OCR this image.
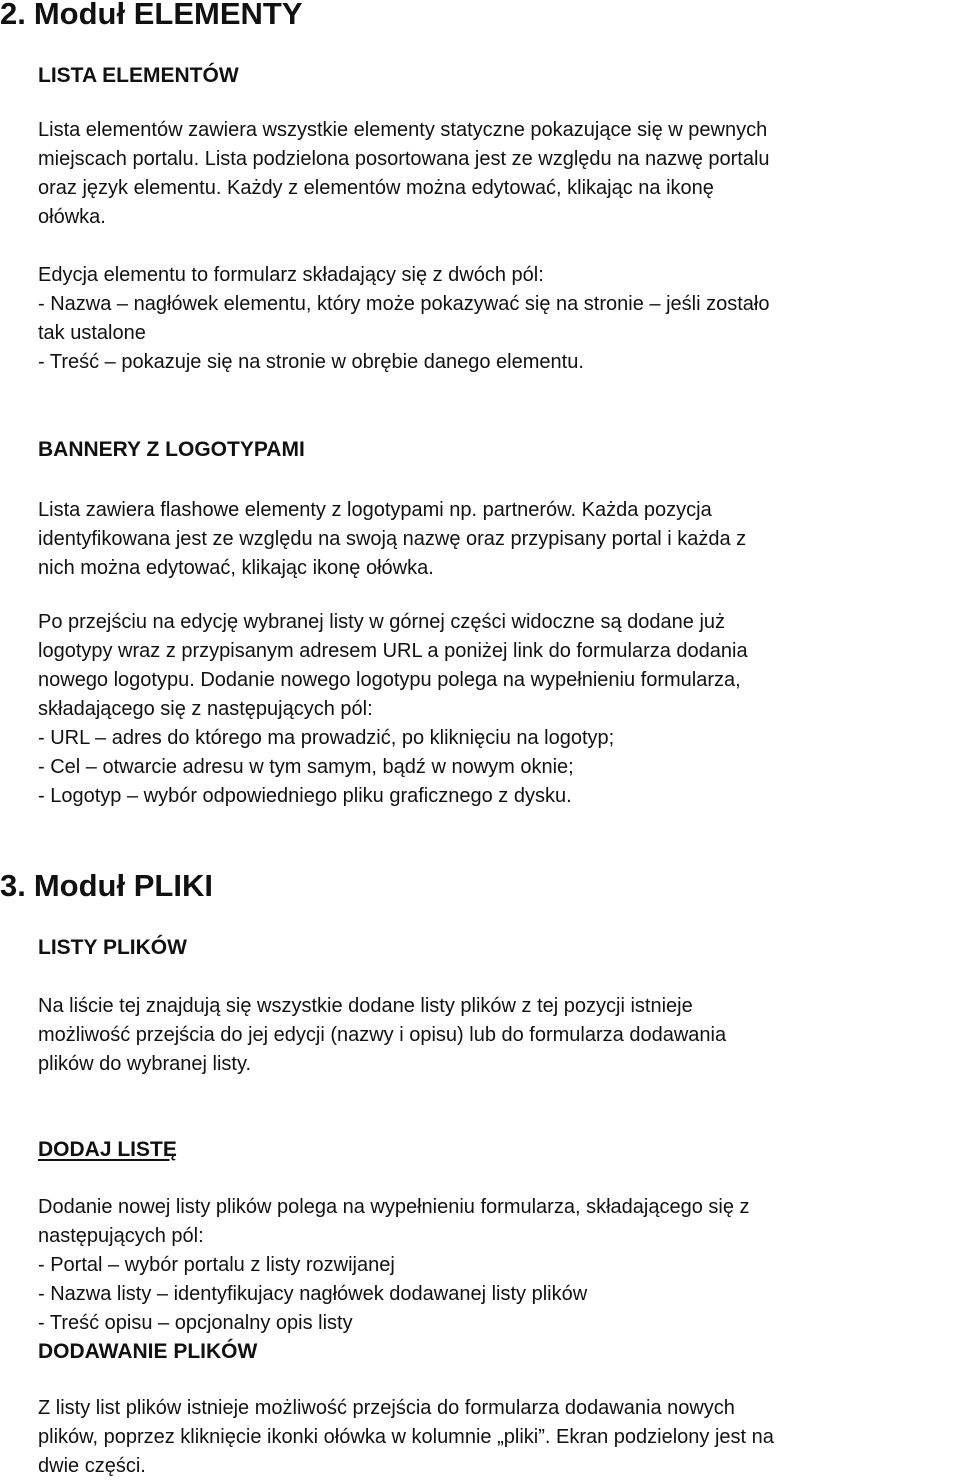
2. Moduł ELEMENTY
LISTA ELEMENTÓW
Lista elementów zawiera wszystkie elementy statyczne pokazujące się w pewnych
miejscach portalu. Lista podzielona posortowana jest ze względu na nazwę portalu
oraz język elementu. Każdy z elementów można edytować, klikając na ikonę
ołówka.
Edycja elementu to formularz składający się z dwóch pól:
- Nazwa – nagłówek elementu, który może pokazywać się na stronie – jeśli zostało
tak ustalone
- Treść – pokazuje się na stronie w obrębie danego elementu.
BANNERY Z LOGOTYPAMI
Lista zawiera flashowe elementy z logotypami np. partnerów. Każda pozycja
identyfikowana jest ze względu na swoją nazwę oraz przypisany portal i każda z
nich można edytować, klikając ikonę ołówka.
Po przejściu na edycję wybranej listy w górnej części widoczne są dodane już
logotypy wraz z przypisanym adresem URL a poniżej link do formularza dodania
nowego logotypu. Dodanie nowego logotypu polega na wypełnieniu formularza,
składającego się z następujących pól:
- URL – adres do którego ma prowadzić, po kliknięciu na logotyp;
- Cel – otwarcie adresu w tym samym, bądź w nowym oknie;
- Logotyp – wybór odpowiedniego pliku graficznego z dysku.
3. Moduł PLIKI
LISTY PLIKÓW
Na liście tej znajdują się wszystkie dodane listy plików z tej pozycji istnieje
możliwość przejścia do jej edycji (nazwy i opisu) lub do formularza dodawania
plików do wybranej listy.
DODAJ LISTĘ
Dodanie nowej listy plików polega na wypełnieniu formularza, składającego się z
następujących pól:
- Portal – wybór portalu z listy rozwijanej
- Nazwa listy – identyfikujacy nagłówek dodawanej listy plików
- Treść opisu – opcjonalny opis listy
DODAWANIE PLIKÓW
Z listy list plików istnieje możliwość przejścia do formularza dodawania nowych
plików, poprzez kliknięcie ikonki ołówka w kolumnie „pliki”. Ekran podzielony jest na
dwie części.
